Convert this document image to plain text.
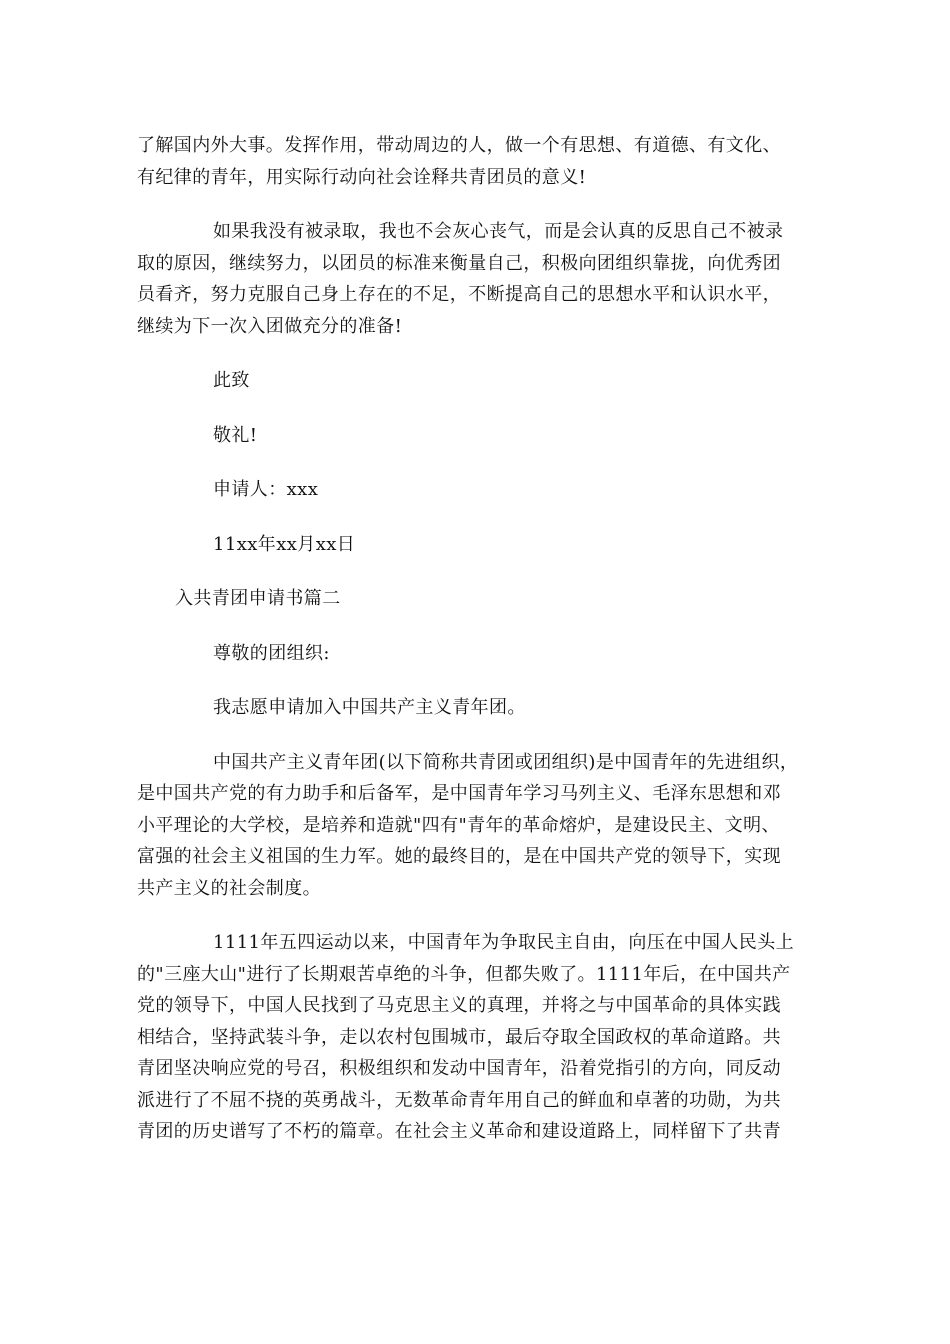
了解国内外大事。发挥作用，带动周边的人，做一个有思想、有道德、有文化、
有纪律的青年，用实际行动向社会诠释共青团员的意义!
如果我没有被录取，我也不会灰心丧气，而是会认真的反思自己不被录
取的原因，继续努力，以团员的标准来衡量自己，积极向团组织靠拢，向优秀团
员看齐，努力克服自己身上存在的不足，不断提高自己的思想水平和认识水平，
继续为下一次入团做充分的准备!
此致
敬礼!
申请人：xxx
11xx年xx月xx日
入共青团申请书篇二
尊敬的团组织:
我志愿申请加入中国共产主义青年团。
中国共产主义青年团(以下简称共青团或团组织)是中国青年的先进组织，
是中国共产党的有力助手和后备军，是中国青年学习马列主义、毛泽东思想和邓
小平理论的大学校，是培养和造就"四有"青年的革命熔炉，是建设民主、文明、
富强的社会主义祖国的生力军。她的最终目的，是在中国共产党的领导下，实现
共产主义的社会制度。
1111年五四运动以来，中国青年为争取民主自由，向压在中国人民头上
的"三座大山"进行了长期艰苦卓绝的斗争，但都失败了。1111年后，在中国共产
党的领导下，中国人民找到了马克思主义的真理，并将之与中国革命的具体实践
相结合，坚持武装斗争，走以农村包围城市，最后夺取全国政权的革命道路。共
青团坚决响应党的号召，积极组织和发动中国青年，沿着党指引的方向，同反动
派进行了不屈不挠的英勇战斗，无数革命青年用自己的鲜血和卓著的功勋，为共
青团的历史谱写了不朽的篇章。在社会主义革命和建设道路上，同样留下了共青
